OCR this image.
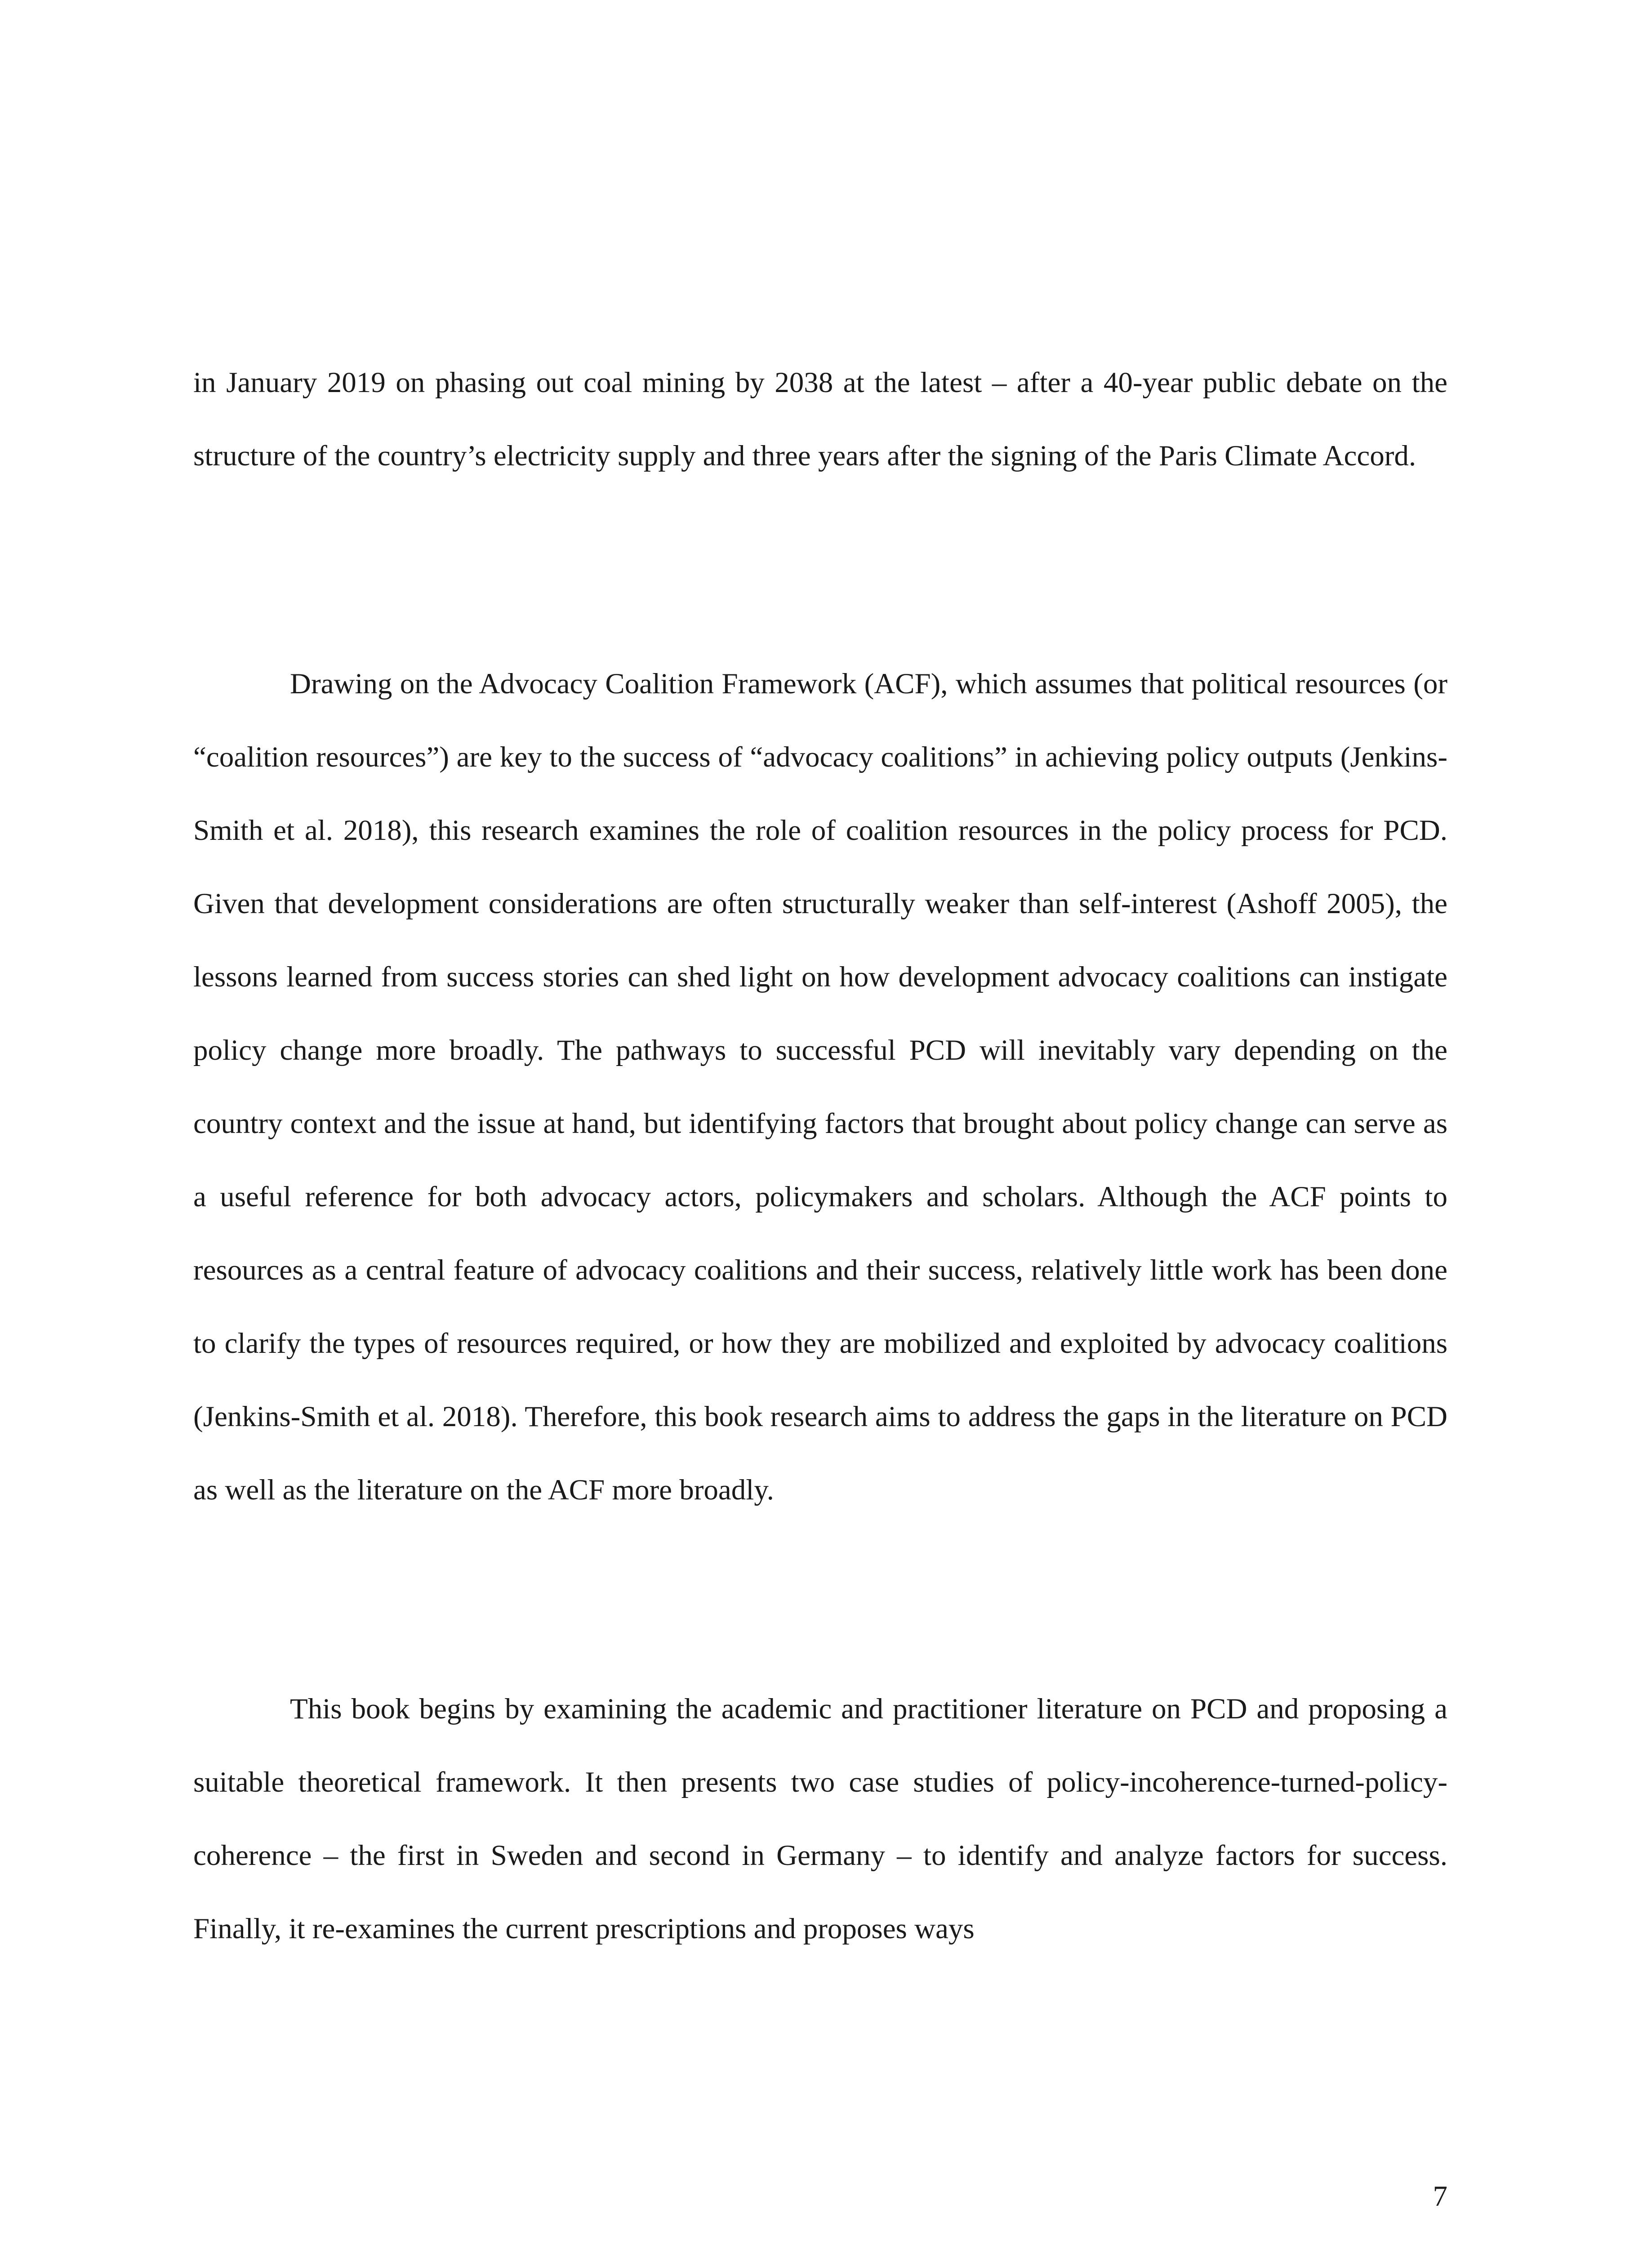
in January 2019 on phasing out coal mining by 2038 at the latest – after a 40-year public debate on the structure of the country’s electricity supply and three years after the signing of the Paris Climate Accord.

Drawing on the Advocacy Coalition Framework (ACF), which assumes that political resources (or “coalition resources”) are key to the success of “advocacy coalitions” in achieving policy outputs (Jenkins-Smith et al. 2018), this research examines the role of coalition resources in the policy process for PCD. Given that development considerations are often structurally weaker than self-interest (Ashoff 2005), the lessons learned from success stories can shed light on how development advocacy coalitions can instigate policy change more broadly. The pathways to successful PCD will inevitably vary depending on the country context and the issue at hand, but identifying factors that brought about policy change can serve as a useful reference for both advocacy actors, policymakers and scholars. Although the ACF points to resources as a central feature of advocacy coalitions and their success, relatively little work has been done to clarify the types of resources required, or how they are mobilized and exploited by advocacy coalitions (Jenkins-Smith et al. 2018). Therefore, this book research aims to address the gaps in the literature on PCD as well as the literature on the ACF more broadly.

This book begins by examining the academic and practitioner literature on PCD and proposing a suitable theoretical framework. It then presents two case studies of policy-incoherence-turned-policy-coherence – the first in Sweden and second in Germany – to identify and analyze factors for success. Finally, it re-examines the current prescriptions and proposes ways

7
